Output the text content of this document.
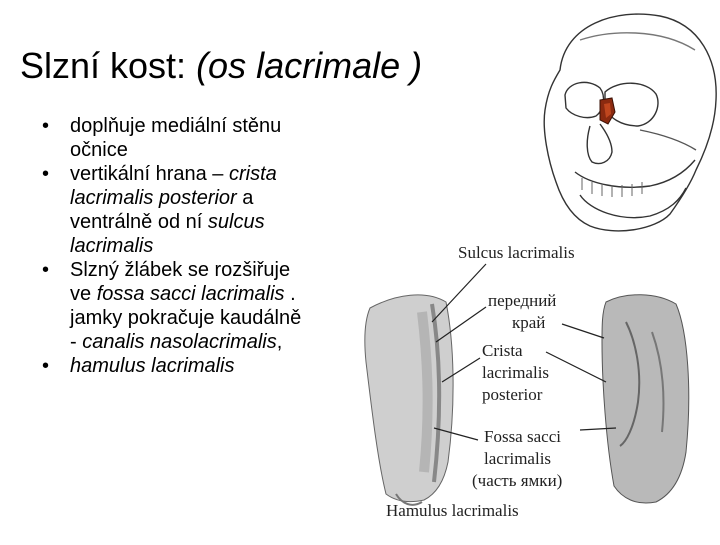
Sulcus lacrimalis
передний
край
Crista
lacrimalis
posterior
Fossa sacci
lacrimalis
(часть ямки)
Hamulus lacrimalis
Slzní kost: (os lacrimale )
• doplňuje mediální stěnu
očnice
• vertikální hrana – crista
lacrimalis posterior a
ventrálně od ní sulcus
lacrimalis
• Slzný žlábek se rozšiřuje
ve fossa sacci lacrimalis .
jamky pokračuje kaudálně
- canalis nasolacrimalis,
• hamulus lacrimalis
